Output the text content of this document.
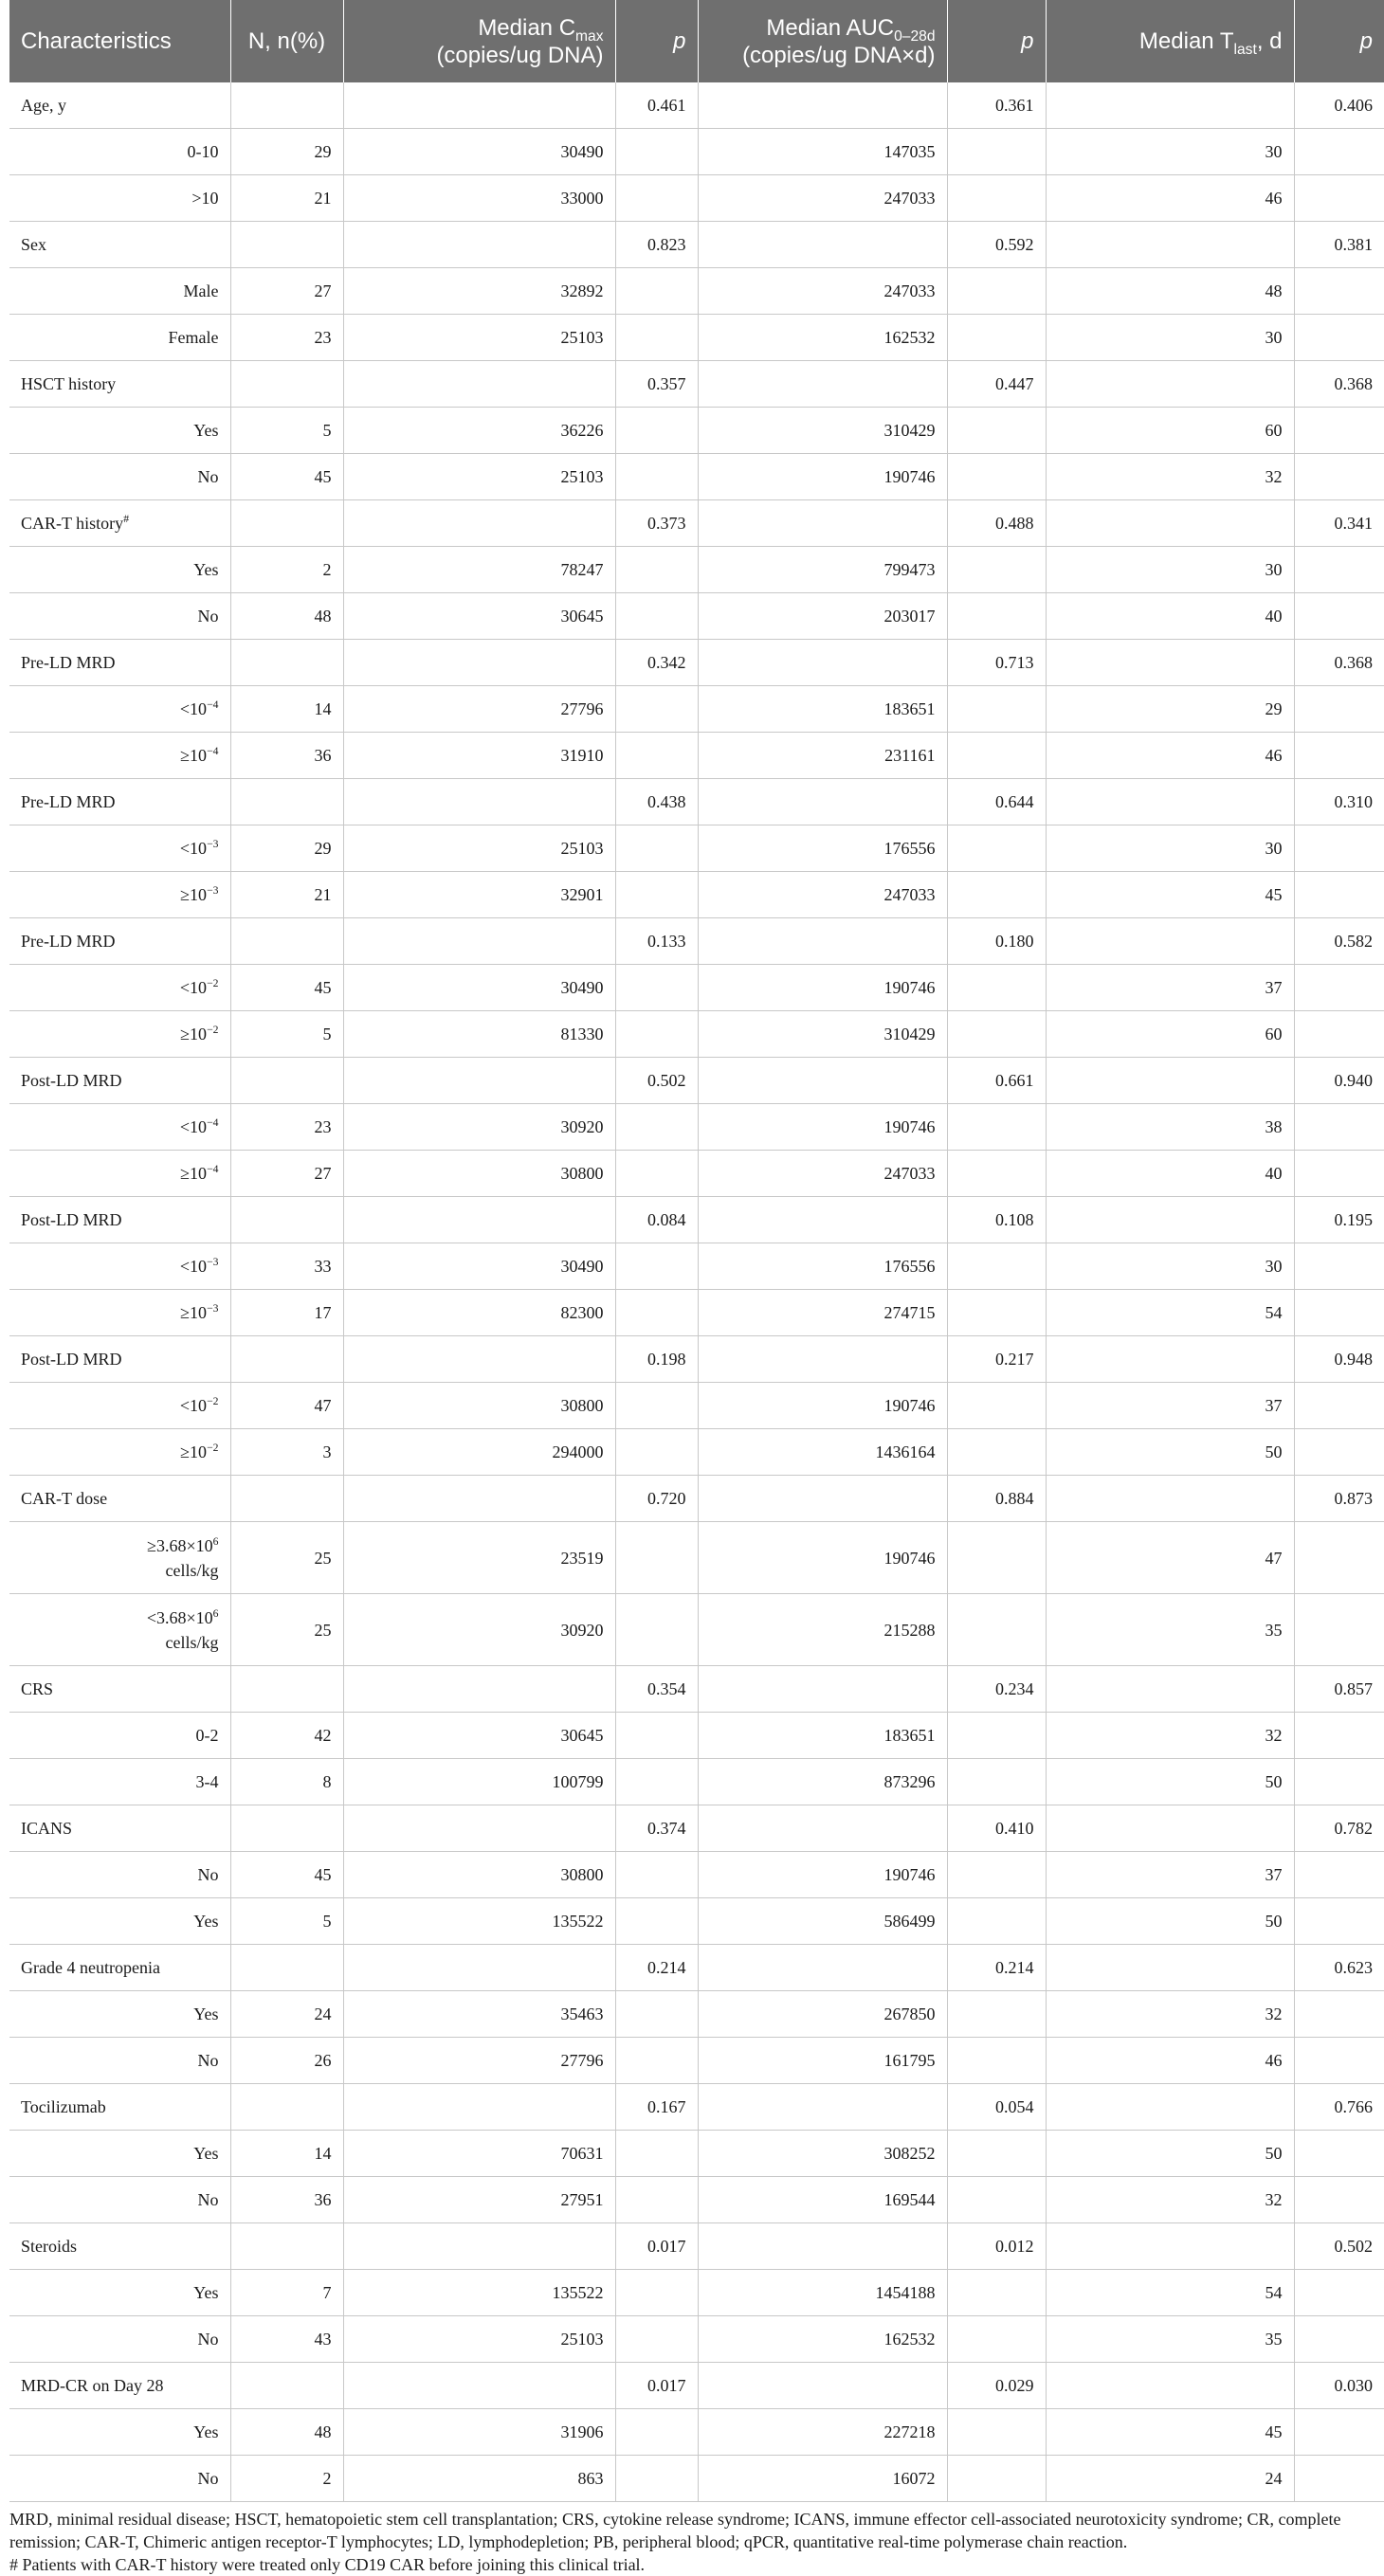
Characteristics	N, n(%)	Median $C_{max}$
(copies/ug DNA)	p	Median $AUC_{0-28d}$
(copies/ug DNA×d)	p	Median $T_{last}$, d	p
Age, y			0.461		0.361		0.406
0-10	29	30490		147035		30	
>10	21	33000		247033		46	
Sex			0.823		0.592		0.381
Male	27	32892		247033		48	
Female	23	25103		162532		30	
HSCT history			0.357		0.447		0.368
Yes	5	36226		310429		60	
No	45	25103		190746		32	
CAR-T history#			0.373		0.488		0.341
Yes	2	78247		799473		30	
No	48	30645		203017		40	
Pre-LD MRD			0.342		0.713		0.368
$<10^{-4}$	14	27796		183651		29	
$\ge 10^{-4}$	36	31910		231161		46	
Pre-LD MRD			0.438		0.644		0.310
$<10^{-3}$	29	25103		176556		30	
$\ge 10^{-3}$	21	32901		247033		45	
Pre-LD MRD			0.133		0.180		0.582
$<10^{-2}$	45	30490		190746		37	
$\ge 10^{-2}$	5	81330		310429		60	
Post-LD MRD			0.502		0.661		0.940
$<10^{-4}$	23	30920		190746		38	
$\ge 10^{-4}$	27	30800		247033		40	
Post-LD MRD			0.084		0.108		0.195
$<10^{-3}$	33	30490		176556		30	
$\ge 10^{-3}$	17	82300		274715		54	
Post-LD MRD			0.198		0.217		0.948
$<10^{-2}$	47	30800		190746		37	
$\ge 10^{-2}$	3	294000		1436164		50	
CAR-T dose			0.720		0.884		0.873
$\ge 3.68\times 10^6$
cells/kg	25	23519		190746		47	
$<3.68\times 10^6$
cells/kg	25	30920		215288		35	
CRS			0.354		0.234		0.857
0-2	42	30645		183651		32	
3-4	8	100799		873296		50	
ICANS			0.374		0.410		0.782
No	45	30800		190746		37	
Yes	5	135522		586499		50	
Grade 4 neutropenia			0.214		0.214		0.623
Yes	24	35463		267850		32	
No	26	27796		161795		46	
Tocilizumab			0.167		0.054		0.766
Yes	14	70631		308252		50	
No	36	27951		169544		32	
Steroids			0.017		0.012		0.502
Yes	7	135522		1454188		54	
No	43	25103		162532		35	
MRD-CR on Day 28			0.017		0.029		0.030
Yes	48	31906		227218		45	
No	2	863		16072		24	

MRD, minimal residual disease; HSCT, hematopoietic stem cell transplantation; CRS, cytokine release syndrome; ICANS, immune effector cell-associated neurotoxicity syndrome; CR, complete remission; CAR-T, Chimeric antigen receptor-T lymphocytes; LD, lymphodepletion; PB, peripheral blood; qPCR, quantitative real-time polymerase chain reaction.

# Patients with CAR-T history were treated only CD19 CAR before joining this clinical trial.
